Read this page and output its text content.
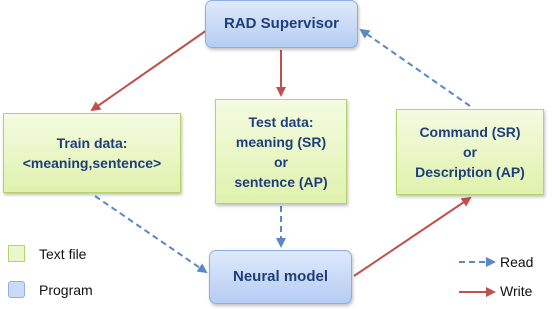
RAD Supervisor
Train data:
<meaning,sentence>
Test data:
meaning (SR)
or
sentence (AP)
Command (SR)
or
Description (AP)
Neural model
Text file
Program
Read
Write
